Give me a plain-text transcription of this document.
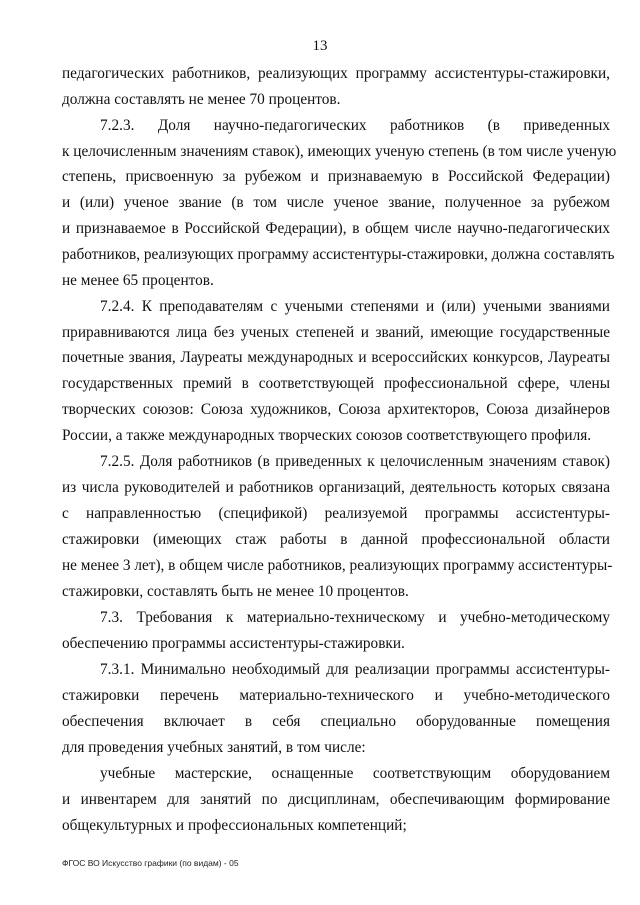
13
педагогических работников, реализующих программу ассистентуры-стажировки,
должна составлять не менее 70 процентов.
7.2.3. Доля научно-педагогических работников (в приведенных
к целочисленным значениям ставок), имеющих ученую степень (в том числе ученую
степень, присвоенную за рубежом и признаваемую в Российской Федерации)
и (или) ученое звание (в том числе ученое звание, полученное за рубежом
и признаваемое в Российской Федерации), в общем числе научно-педагогических
работников, реализующих программу ассистентуры-стажировки, должна составлять
не менее 65 процентов.
7.2.4. К преподавателям с учеными степенями и (или) учеными званиями
приравниваются лица без ученых степеней и званий, имеющие государственные
почетные звания, Лауреаты международных и всероссийских конкурсов, Лауреаты
государственных премий в соответствующей профессиональной сфере, члены
творческих союзов: Союза художников, Союза архитекторов, Союза дизайнеров
России, а также международных творческих союзов соответствующего профиля.
7.2.5. Доля работников (в приведенных к целочисленным значениям ставок)
из числа руководителей и работников организаций, деятельность которых связана
с направленностью (спецификой) реализуемой программы ассистентуры-
стажировки (имеющих стаж работы в данной профессиональной области
не менее 3 лет), в общем числе работников, реализующих программу ассистентуры-
стажировки, составлять быть не менее 10 процентов.
7.3. Требования к материально-техническому и учебно-методическому
обеспечению программы ассистентуры-стажировки.
7.3.1. Минимально необходимый для реализации программы ассистентуры-
стажировки перечень материально-технического и учебно-методического
обеспечения включает в себя специально оборудованные помещения
для проведения учебных занятий, в том числе:
учебные мастерские, оснащенные соответствующим оборудованием
и инвентарем для занятий по дисциплинам, обеспечивающим формирование
общекультурных и профессиональных компетенций;
ФГОС ВО Искусство графики (по видам) - 05
